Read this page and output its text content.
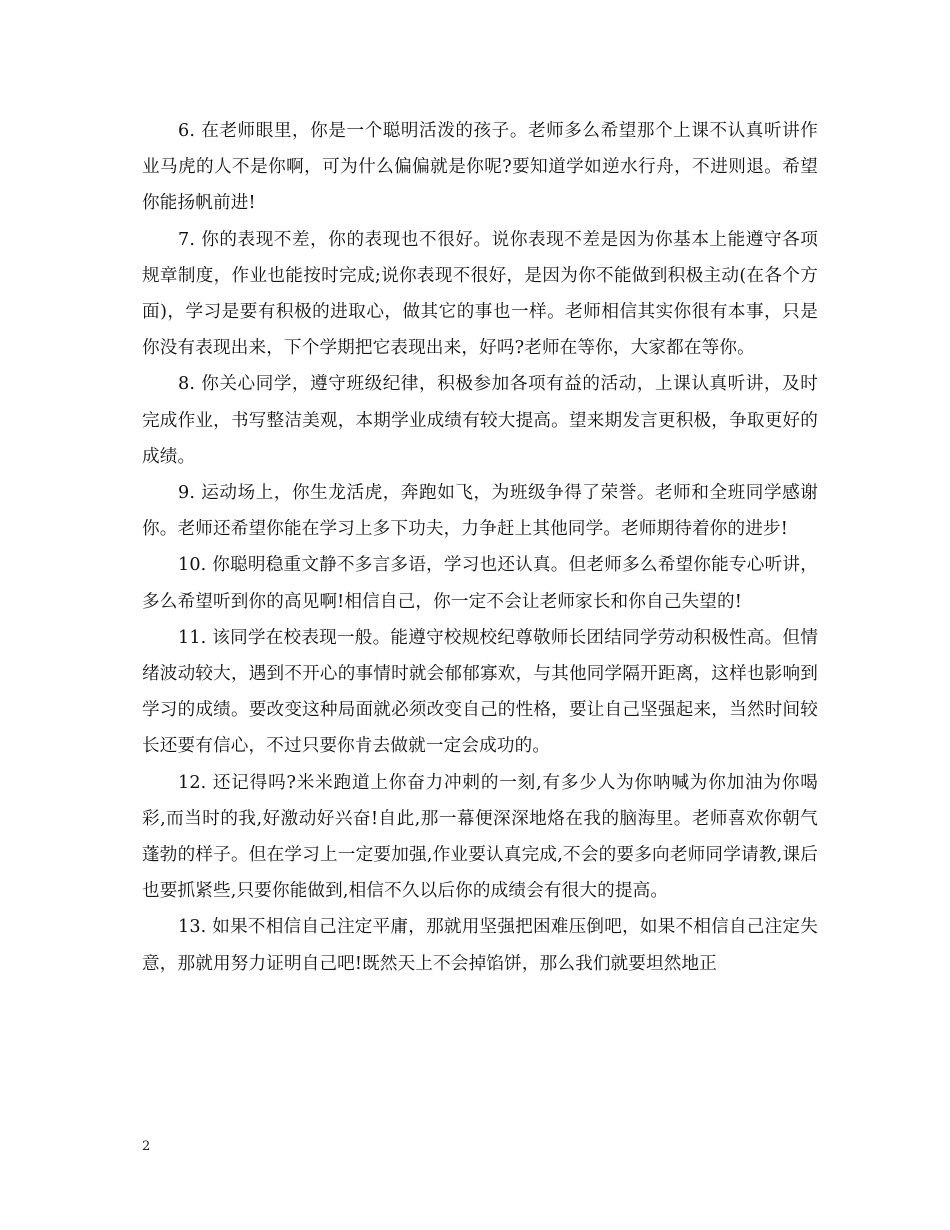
6. 在老师眼里，你是一个聪明活泼的孩子。老师多么希望那个上课不认真听讲作业马虎的人不是你啊，可为什么偏偏就是你呢?要知道学如逆水行舟，不进则退。希望你能扬帆前进!

7. 你的表现不差，你的表现也不很好。说你表现不差是因为你基本上能遵守各项规章制度，作业也能按时完成;说你表现不很好，是因为你不能做到积极主动(在各个方面)，学习是要有积极的进取心，做其它的事也一样。老师相信其实你很有本事，只是你没有表现出来，下个学期把它表现出来，好吗?老师在等你，大家都在等你。

8. 你关心同学，遵守班级纪律，积极参加各项有益的活动，上课认真听讲，及时完成作业，书写整洁美观，本期学业成绩有较大提高。望来期发言更积极，争取更好的成绩。

9. 运动场上，你生龙活虎，奔跑如飞，为班级争得了荣誉。老师和全班同学感谢你。老师还希望你能在学习上多下功夫，力争赶上其他同学。老师期待着你的进步!

10. 你聪明稳重文静不多言多语，学习也还认真。但老师多么希望你能专心听讲，多么希望听到你的高见啊!相信自己，你一定不会让老师家长和你自己失望的!

11. 该同学在校表现一般。能遵守校规校纪尊敬师长团结同学劳动积极性高。但情绪波动较大，遇到不开心的事情时就会郁郁寡欢，与其他同学隔开距离，这样也影响到学习的成绩。要改变这种局面就必须改变自己的性格，要让自己坚强起来，当然时间较长还要有信心，不过只要你肯去做就一定会成功的。

12. 还记得吗?米米跑道上你奋力冲刺的一刻,有多少人为你呐喊为你加油为你喝彩,而当时的我,好激动好兴奋!自此,那一幕便深深地烙在我的脑海里。老师喜欢你朝气蓬勃的样子。但在学习上一定要加强,作业要认真完成,不会的要多向老师同学请教,课后也要抓紧些,只要你能做到,相信不久以后你的成绩会有很大的提高。

13. 如果不相信自己注定平庸，那就用坚强把困难压倒吧，如果不相信自己注定失意，那就用努力证明自己吧!既然天上不会掉馅饼，那么我们就要坦然地正

2
